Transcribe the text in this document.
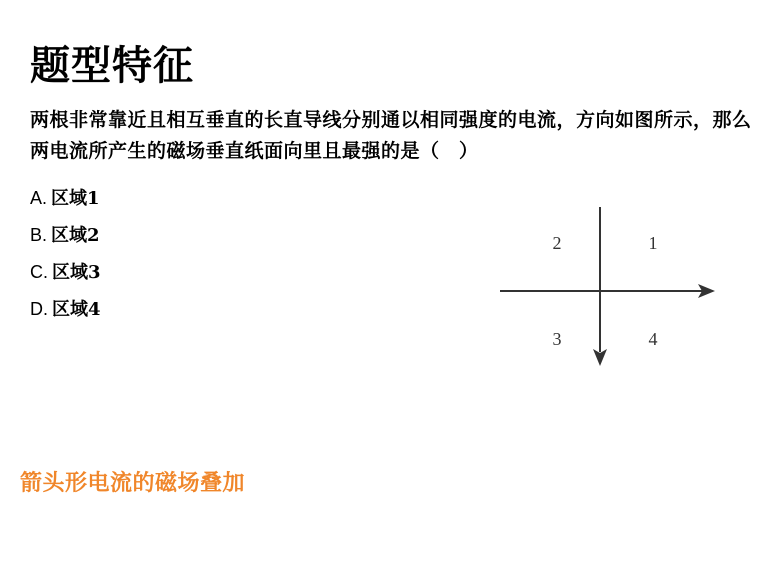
题型特征
两根非常靠近且相互垂直的长直导线分别通以相同强度的电流，方向如图所示，那么两电流所产生的磁场垂直纸面向里且最强的是（　）
A. 区域1
B. 区域2
C. 区域3
D. 区域4
2	1
3	4
箭头形电流的磁场叠加
